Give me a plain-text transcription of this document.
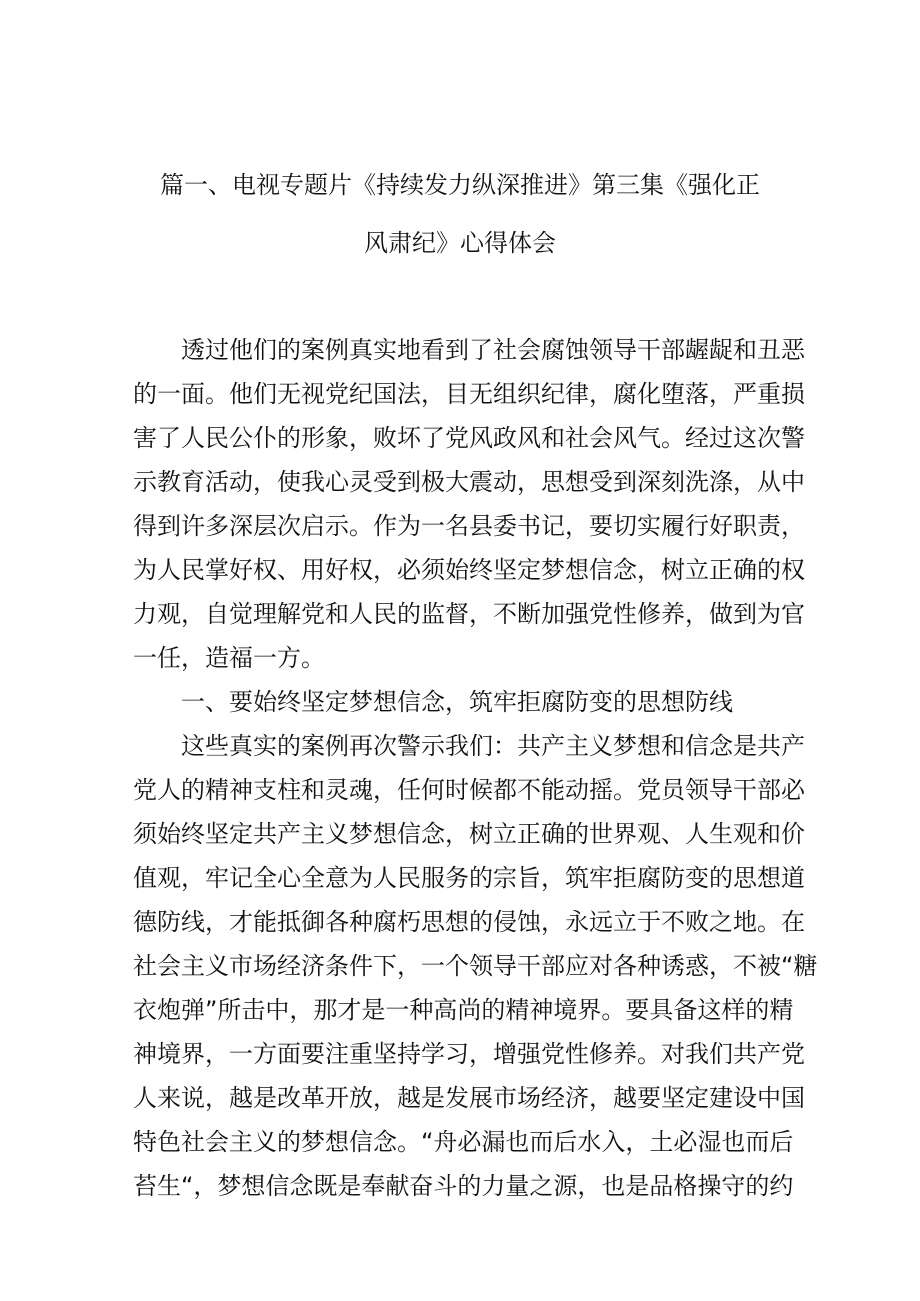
篇一、电视专题片《持续发力纵深推进》第三集《强化正
风肃纪》心得体会
　　透过他们的案例真实地看到了社会腐蚀领导干部龌龊和丑恶
的一面。他们无视党纪国法，目无组织纪律，腐化堕落，严重损
害了人民公仆的形象，败坏了党风政风和社会风气。经过这次警
示教育活动，使我心灵受到极大震动，思想受到深刻洗涤，从中
得到许多深层次启示。作为一名县委书记，要切实履行好职责，
为人民掌好权、用好权，必须始终坚定梦想信念，树立正确的权
力观，自觉理解党和人民的监督，不断加强党性修养，做到为官
一任，造福一方。
　　一、要始终坚定梦想信念，筑牢拒腐防变的思想防线
　　这些真实的案例再次警示我们：共产主义梦想和信念是共产
党人的精神支柱和灵魂，任何时候都不能动摇。党员领导干部必
须始终坚定共产主义梦想信念，树立正确的世界观、人生观和价
值观，牢记全心全意为人民服务的宗旨，筑牢拒腐防变的思想道
德防线，才能抵御各种腐朽思想的侵蚀，永远立于不败之地。在
社会主义市场经济条件下，一个领导干部应对各种诱惑，不被“糖
衣炮弹”所击中，那才是一种高尚的精神境界。要具备这样的精
神境界，一方面要注重坚持学习，增强党性修养。对我们共产党
人来说，越是改革开放，越是发展市场经济，越要坚定建设中国
特色社会主义的梦想信念。“舟必漏也而后水入，土必湿也而后
苔生“，梦想信念既是奉献奋斗的力量之源，也是品格操守的约
